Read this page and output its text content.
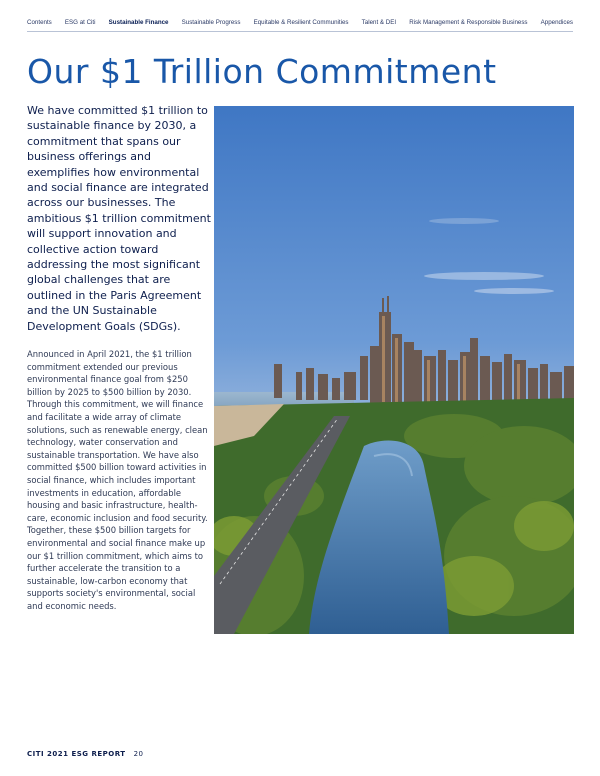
Contents ESG at Citi Sustainable Finance Sustainable Progress Equitable & Resilient Communities Talent & DEI Risk Management & Responsible Business Appendices
Our $1 Trillion Commitment

We have committed $1 trillion to sustainable finance by 2030, a commitment that spans our business offerings and exemplifies how environmental and social finance are integrated across our businesses. The ambitious $1 trillion commitment will support innovation and collective action toward addressing the most significant global challenges that are outlined in the Paris Agreement and the UN Sustainable Development Goals (SDGs).

Announced in April 2021, the $1 trillion commitment extended our previous environmental finance goal from $250 billion by 2025 to $500 billion by 2030. Through this commitment, we will finance and facilitate a wide array of climate solutions, such as renewable energy, clean technology, water conservation and sustainable transportation. We have also committed $500 billion toward activities in social finance, which includes important investments in education, affordable housing and basic infrastructure, health-care, economic inclusion and food security. Together, these $500 billion targets for environmental and social finance make up our $1 trillion commitment, which aims to further accelerate the transition to a sustainable, low-carbon economy that supports society's environmental, social and economic needs.

CITI 2021 ESG REPORT 20
